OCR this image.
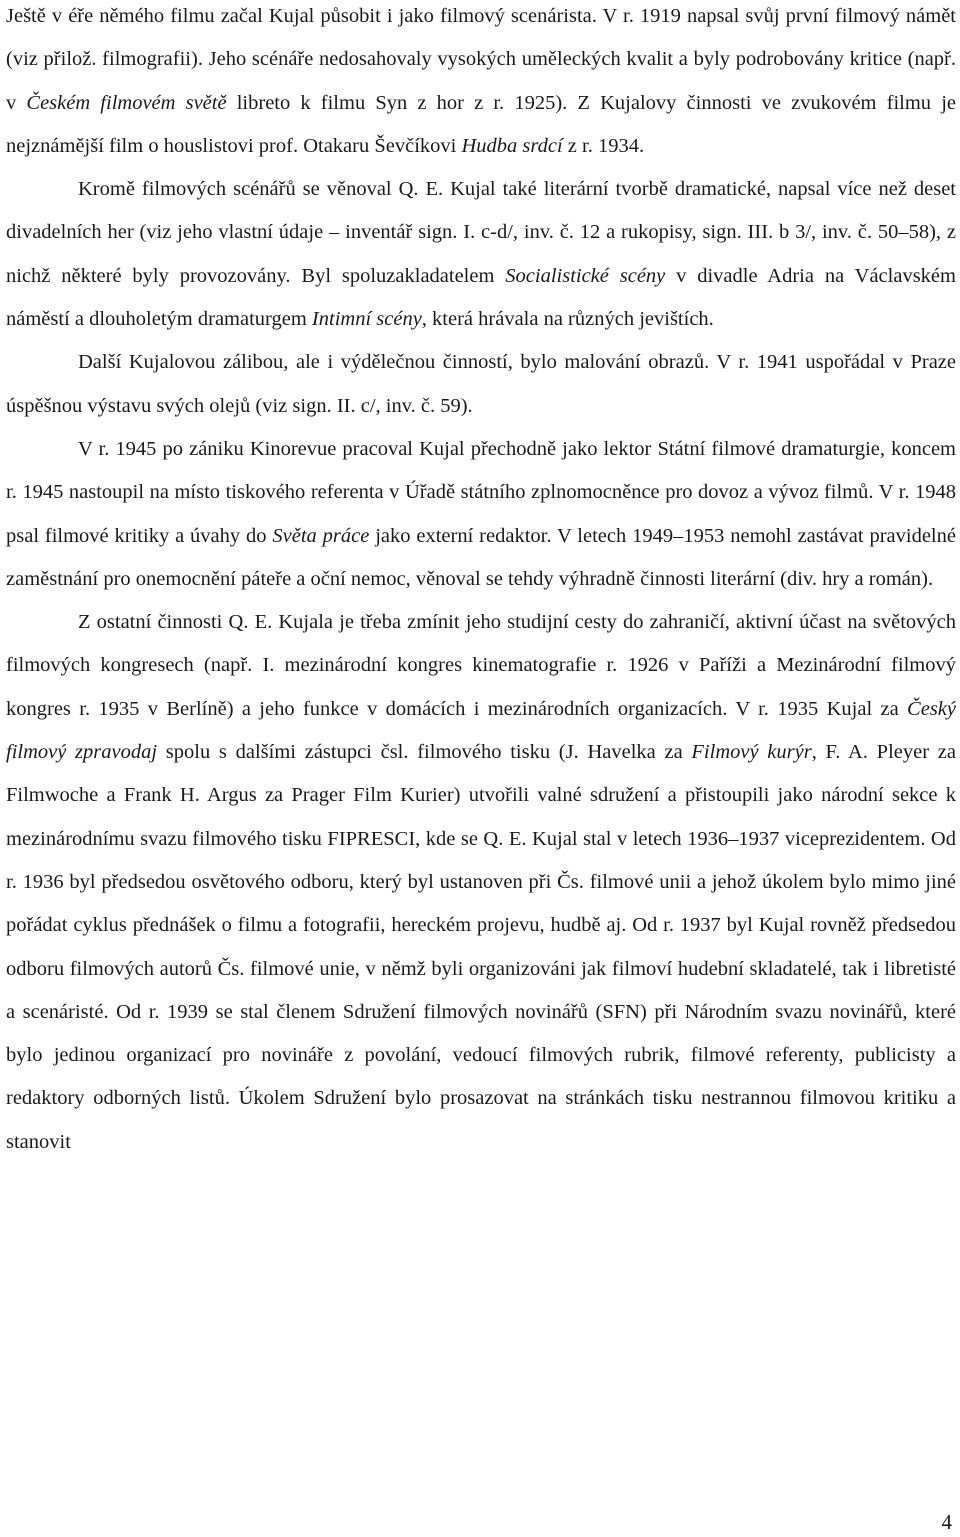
Ještě v éře němého filmu začal Kujal působit i jako filmový scenárista. V r. 1919 napsal svůj první filmový námět (viz přilož. filmografii). Jeho scénáře nedosahovaly vysokých uměleckých kvalit a byly podrobovány kritice (např. v Českém filmovém světě libreto k filmu Syn z hor z r. 1925). Z Kujalovy činnosti ve zvukovém filmu je nejznámější film o houslistovi prof. Otakaru Ševčíkovi Hudba srdcí z r. 1934.

Kromě filmových scénářů se věnoval Q. E. Kujal také literární tvorbě dramatické, napsal více než deset divadelních her (viz jeho vlastní údaje – inventář sign. I. c-d/, inv. č. 12 a rukopisy, sign. III. b 3/, inv. č. 50–58), z nichž některé byly provozovány. Byl spoluzakladatelem Socialistické scény v divadle Adria na Václavském náměstí a dlouholetým dramaturgem Intimní scény, která hrávala na různých jevištích.

Další Kujalovou zálibou, ale i výdělečnou činností, bylo malování obrazů. V r. 1941 uspořádal v Praze úspěšnou výstavu svých olejů (viz sign. II. c/, inv. č. 59).

V r. 1945 po zániku Kinorevue pracoval Kujal přechodně jako lektor Státní filmové dramaturgie, koncem r. 1945 nastoupil na místo tiskového referenta v Úřadě státního zplnomocněnce pro dovoz a vývoz filmů. V r. 1948 psal filmové kritiky a úvahy do Světa práce jako externí redaktor. V letech 1949–1953 nemohl zastávat pravidelné zaměstnání pro onemocnění páteře a oční nemoc, věnoval se tehdy výhradně činnosti literární (div. hry a román).

Z ostatní činnosti Q. E. Kujala je třeba zmínit jeho studijní cesty do zahraničí, aktivní účast na světových filmových kongresech (např. I. mezinárodní kongres kinematografie r. 1926 v Paříži a Mezinárodní filmový kongres r. 1935 v Berlíně) a jeho funkce v domácích i mezinárodních organizacích. V r. 1935 Kujal za Český filmový zpravodaj spolu s dalšími zástupci čsl. filmového tisku (J. Havelka za Filmový kurýr, F. A. Pleyer za Filmwoche a Frank H. Argus za Prager Film Kurier) utvořili valné sdružení a přistoupili jako národní sekce k mezinárodnímu svazu filmového tisku FIPRESCI, kde se Q. E. Kujal stal v letech 1936–1937 viceprezidentem. Od r. 1936 byl předsedou osvětového odboru, který byl ustanoven při Čs. filmové unii a jehož úkolem bylo mimo jiné pořádat cyklus přednášek o filmu a fotografii, hereckém projevu, hudbě aj. Od r. 1937 byl Kujal rovněž předsedou odboru filmových autorů Čs. filmové unie, v němž byli organizováni jak filmoví hudební skladatelé, tak i libretisté a scenáristé. Od r. 1939 se stal členem Sdružení filmových novinářů (SFN) při Národním svazu novinářů, které bylo jedinou organizací pro novináře z povolání, vedoucí filmových rubrik, filmové referenty, publicisty a redaktory odborných listů. Úkolem Sdružení bylo prosazovat na stránkách tisku nestrannou filmovou kritiku a stanovit

4
